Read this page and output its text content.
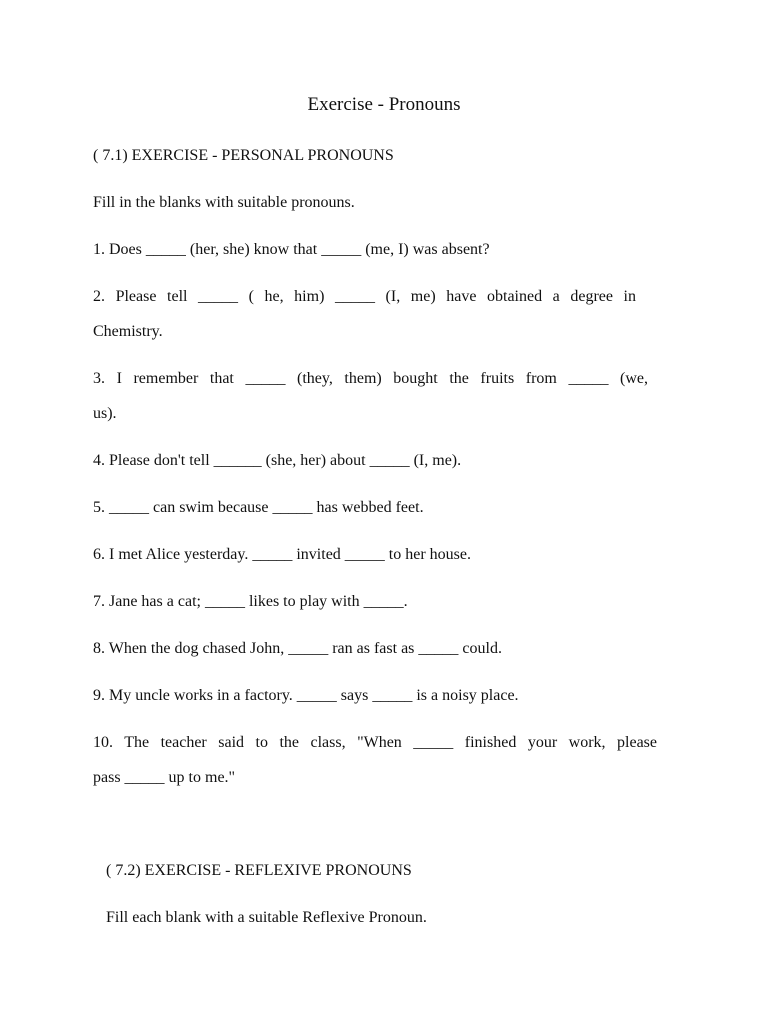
Exercise - Pronouns

( 7.1) EXERCISE - PERSONAL PRONOUNS

Fill in the blanks with suitable pronouns.

1. Does _____ (her, she) know that _____ (me, I) was absent?

2. Please tell _____ ( he, him) _____ (I, me) have obtained a degree in

Chemistry.

3. I remember that _____ (they, them) bought the fruits from _____ (we,

us).

4. Please don't tell ______ (she, her) about _____ (I, me).

5. _____ can swim because _____ has webbed feet.

6. I met Alice yesterday. _____ invited _____ to her house.

7. Jane has a cat; _____ likes to play with _____.

8. When the dog chased John, _____ ran as fast as _____ could.

9. My uncle works in a factory. _____ says _____ is a noisy place.

10. The teacher said to the class, "When _____ finished your work, please

pass _____ up to me."

( 7.2) EXERCISE - REFLEXIVE PRONOUNS

Fill each blank with a suitable Reflexive Pronoun.
